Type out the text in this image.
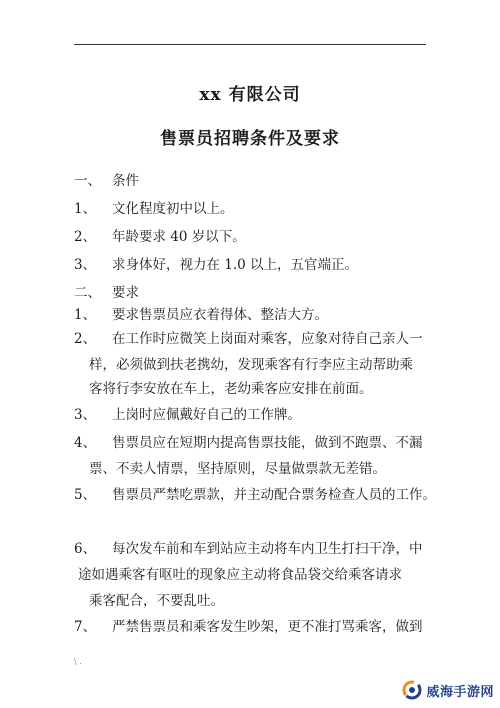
xx 有限公司
售票员招聘条件及要求
一、 条件
1、 文化程度初中以上。
2、 年龄要求 40 岁以下。
3、 求身体好，视力在 1.0 以上，五官端正。
二、 要求
1、 要求售票员应衣着得体、整洁大方。
2、 在工作时应微笑上岗面对乘客，应象对待自己亲人一
样，必须做到扶老携幼，发现乘客有行李应主动帮助乘
客将行李安放在车上，老幼乘客应安排在前面。
3、 上岗时应佩戴好自己的工作牌。
4、 售票员应在短期内提高售票技能，做到不跑票、不漏
票、不卖人情票，坚持原则，尽量做票款无差错。
5、 售票员严禁吃票款，并主动配合票务检查人员的工作。
6、 每次发车前和车到站应主动将车内卫生打扫干净，中
途如遇乘客有呕吐的现象应主动将食品袋交给乘客请求
乘客配合，不要乱吐。
7、 严禁售票员和乘客发生吵架，更不准打骂乘客，做到
\ .
威海手游网
